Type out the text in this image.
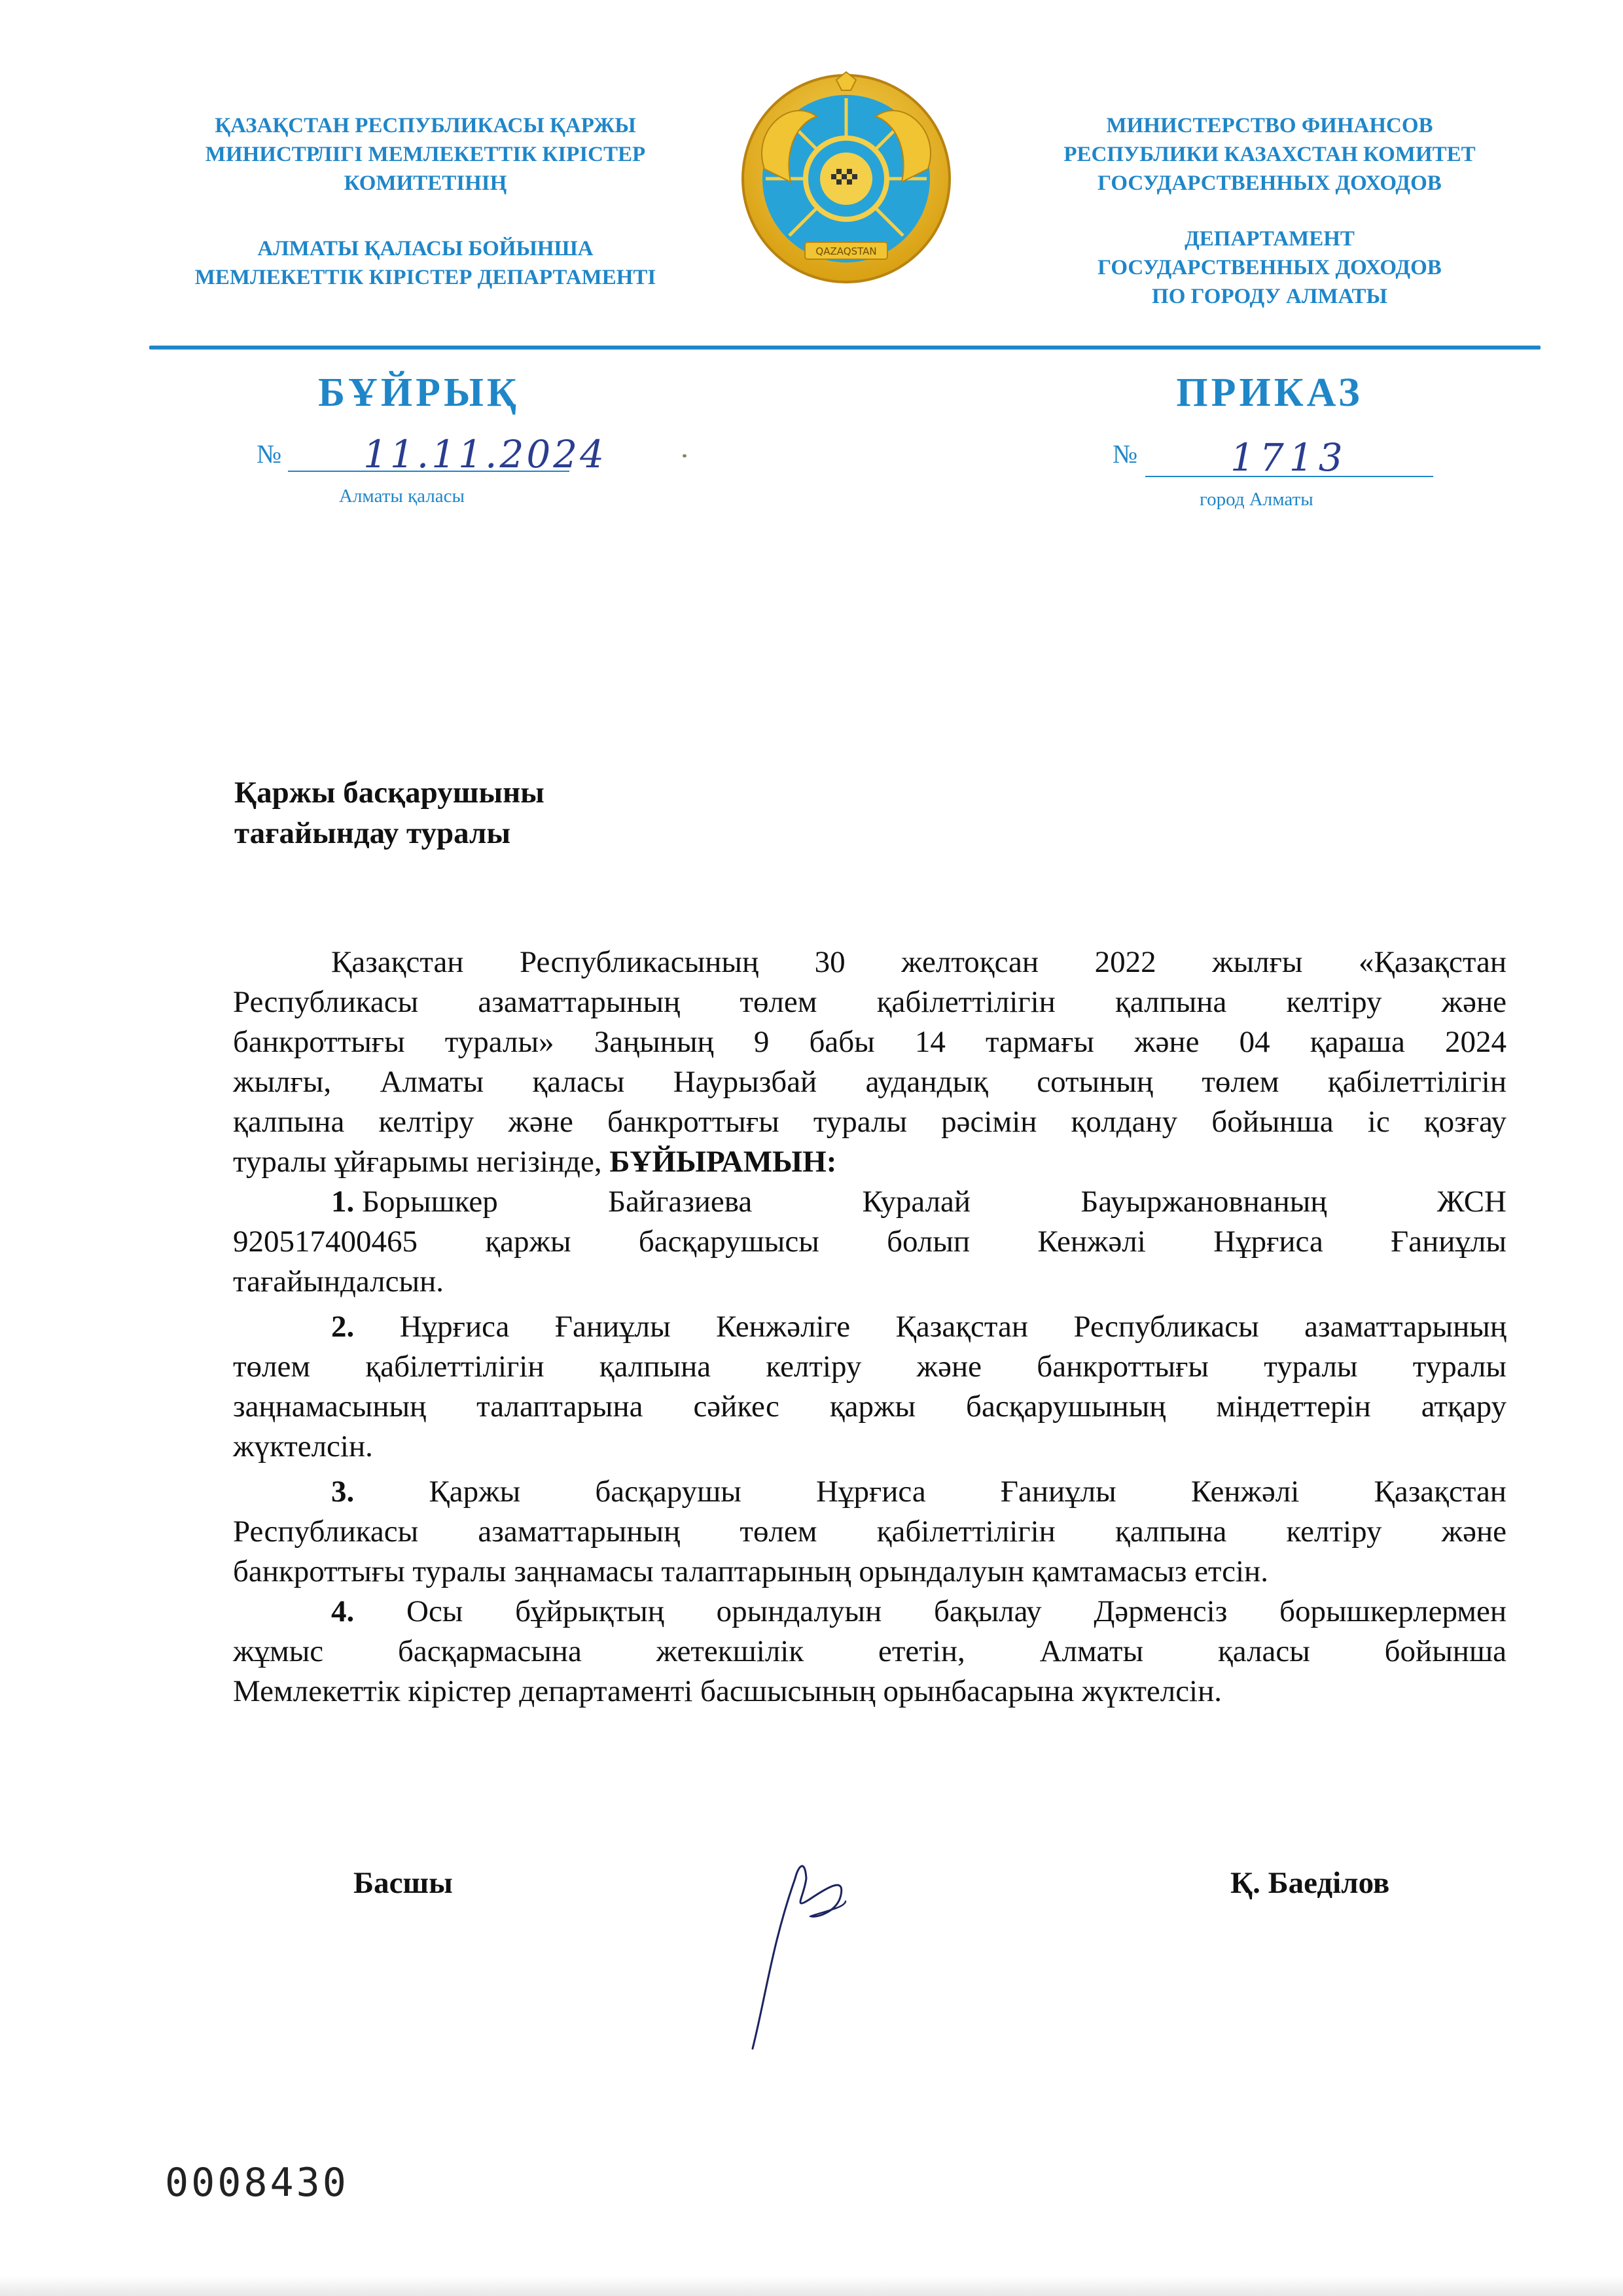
ҚАЗАҚСТАН РЕСПУБЛИКАСЫ ҚАРЖЫ
МИНИСТРЛІГІ МЕМЛЕКЕТТІК КІРІСТЕР
КОМИТЕТІНІҢ
АЛМАТЫ ҚАЛАСЫ БОЙЫНША
МЕМЛЕКЕТТІК КІРІСТЕР ДЕПАРТАМЕНТІ
QAZAQSTAN
МИНИСТЕРСТВО ФИНАНСОВ
РЕСПУБЛИКИ КАЗАХСТАН КОМИТЕТ
ГОСУДАРСТВЕННЫХ ДОХОДОВ
ДЕПАРТАМЕНТ
ГОСУДАРСТВЕННЫХ ДОХОДОВ
ПО ГОРОДУ АЛМАТЫ
БҰЙРЫҚ	ПРИКАЗ
№ 11.11.2024
Алматы қаласы
№ 1713
город Алматы
Қаржы басқарушыны
тағайындау туралы
Қазақстан Республикасының 30 желтоқсан 2022 жылғы «Қазақстан
Республикасы азаматтарының төлем қабілеттілігін қалпына келтіру және
банкроттығы туралы» Заңының 9 бабы 14 тармағы және 04 қараша 2024
жылғы, Алматы қаласы Наурызбай аудандық сотының төлем қабілеттілігін
қалпына келтіру және банкроттығы туралы рәсімін қолдану бойынша іс қозғау
туралы ұйғарымы негізінде, БҰЙЫРАМЫН:
1. Борышкер	Байгазиева	Куралай	Бауыржановнаның	ЖСН
920517400465 қаржы басқарушысы болып Кенжәлі Нұрғиса Ғаниұлы
тағайындалсын.
2. Нұрғиса Ғаниұлы Кенжәліге Қазақстан Республикасы азаматтарының
төлем қабілеттілігін қалпына келтіру және банкроттығы туралы туралы
заңнамасының талаптарына сәйкес қаржы басқарушының міндеттерін атқару
жүктелсін.
3. Қаржы басқарушы Нұрғиса Ғаниұлы Кенжәлі Қазақстан
Республикасы азаматтарының төлем қабілеттілігін қалпына келтіру және
банкроттығы туралы заңнамасы талаптарының орындалуын қамтамасыз етсін.
4. Осы бұйрықтың орындалуын бақылау Дәрменсіз борышкерлермен
жұмыс басқармасына жетекшілік ететін, Алматы қаласы бойынша
Мемлекеттік кірістер департаменті басшысының орынбасарына жүктелсін.
Басшы	Қ. Баеділов
0008430
